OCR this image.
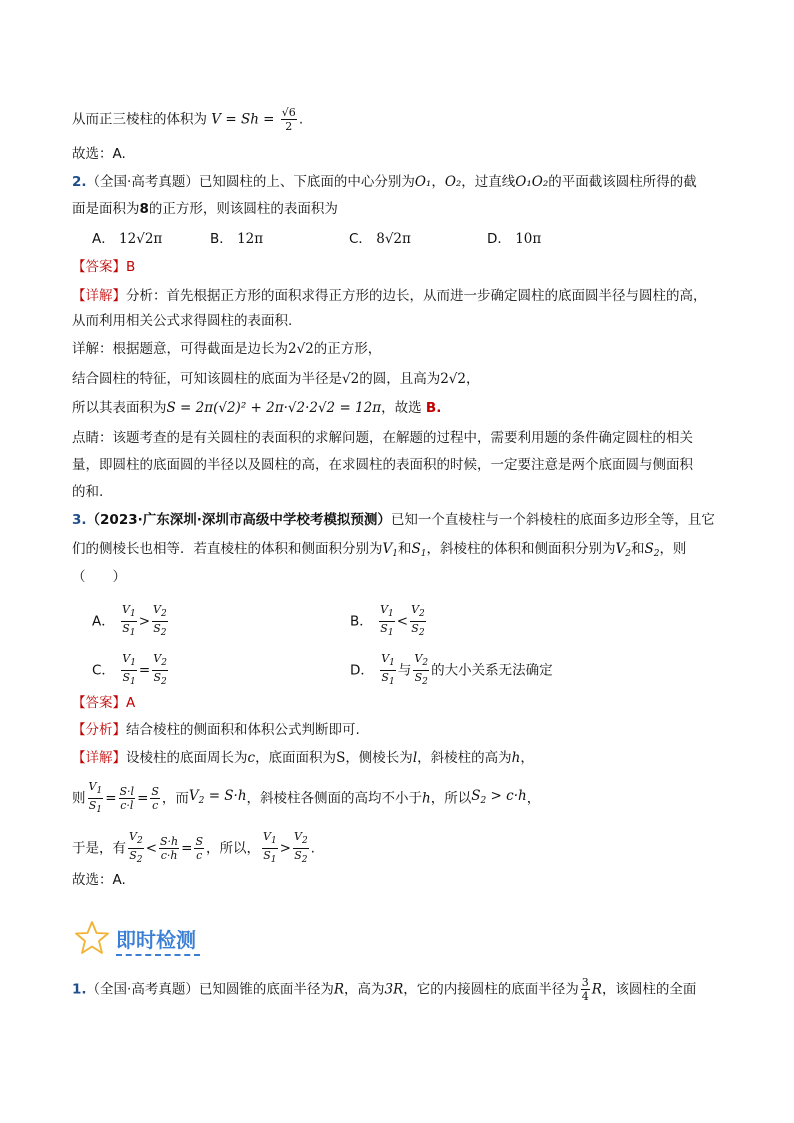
从而正三棱柱的体积为 $V = Sh = \frac{√6}{2}$ .
故选：A.
2.（全国·高考真题）已知圆柱的上、下底面的中心分别为O₁，O₂，过直线O₁O₂的平面截该圆柱所得的截
面是面积为8的正方形，则该圆柱的表面积为
A． 12√2π	B． 12π	C． 8√2π	D． 10π
【答案】B
【详解】分析：首先根据正方形的面积求得正方形的边长，从而进一步确定圆柱的底面圆半径与圆柱的高，
从而利用相关公式求得圆柱的表面积.
详解：根据题意，可得截面是边长为2√2的正方形，
结合圆柱的特征，可知该圆柱的底面为半径是√2的圆，且高为2√2，
所以其表面积为S = 2π(√2)² + 2π·√2·2√2 = 12π，故选 B.
点睛：该题考查的是有关圆柱的表面积的求解问题，在解题的过程中，需要利用题的条件确定圆柱的相关
量，即圆柱的底面圆的半径以及圆柱的高，在求圆柱的表面积的时候，一定要注意是两个底面圆与侧面积
的和.
3.（2023·广东深圳·深圳市高级中学校考模拟预测）已知一个直棱柱与一个斜棱柱的底面多边形全等，且它
们的侧棱长也相等．若直棱柱的体积和侧面积分别为$V_1$和$S_1$，斜棱柱的体积和侧面积分别为$V_2$和$S_2$，则
（　　）
A． $\frac{V_1}{S_1} > \frac{V_2}{S_2}$	B． $\frac{V_1}{S_1} < \frac{V_2}{S_2}$
C． $\frac{V_1}{S_1} = \frac{V_2}{S_2}$	D． $\frac{V_1}{S_1}$ 与 $\frac{V_2}{S_2}$ 的大小关系无法确定
【答案】A
【分析】结合棱柱的侧面积和体积公式判断即可.
【详解】设棱柱的底面周长为c，底面面积为S，侧棱长为l，斜棱柱的高为h，
则 $\frac{V_1}{S_1} = \frac{S\cdot l}{c\cdot l} = \frac{S}{c}$ ，而$V_2 = S\cdot h$，斜棱柱各侧面的高均不小于h，所以$S_2 > c\cdot h$，
于是，有 $\frac{V_2}{S_2} < \frac{S\cdot h}{c\cdot h} = \frac{S}{c}$ ，所以， $\frac{V_1}{S_1} > \frac{V_2}{S_2}$ .
故选：A.
即时检测
1.（全国·高考真题）已知圆锥的底面半径为R，高为3R，它的内接圆柱的底面半径为 $\frac{3}{4}$ R，该圆柱的全面
